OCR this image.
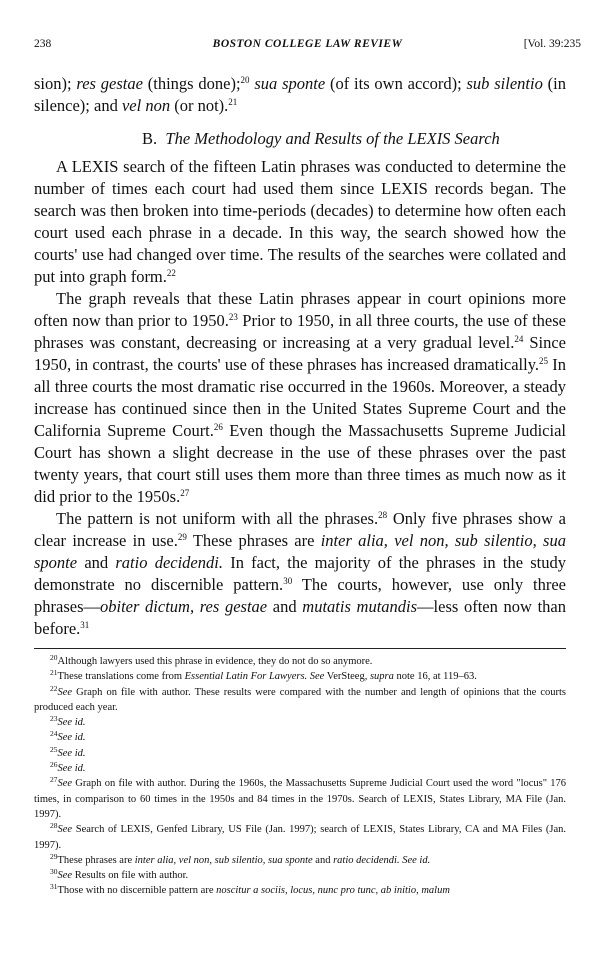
238	BOSTON COLLEGE LAW REVIEW	[Vol. 39:235

sion); res gestae (things done);$^{20}$ sua sponte (of its own accord); sub silentio (in silence); and vel non (or not).$^{21}$

B. The Methodology and Results of the LEXIS Search

A LEXIS search of the fifteen Latin phrases was conducted to determine the number of times each court had used them since LEXIS records began. The search was then broken into time-periods (decades) to determine how often each court used each phrase in a decade. In this way, the search showed how the courts' use had changed over time. The results of the searches were collated and put into graph form.$^{22}$

The graph reveals that these Latin phrases appear in court opinions more often now than prior to 1950.23 Prior to 1950, in all three courts, the use of these phrases was constant, decreasing or increasing at a very gradual level.$^{24}$ Since 1950, in contrast, the courts' use of these phrases has increased dramatically.$^{25}$ In all three courts the most dramatic rise occurred in the 1960s. Moreover, a steady increase has continued since then in the United States Supreme Court and the California Supreme Court.$^{26}$ Even though the Massachusetts Supreme Judicial Court has shown a slight decrease in the use of these phrases over the past twenty years, that court still uses them more than three times as much now as it did prior to the 1950s.$^{27}$

The pattern is not uniform with all the phrases.$^{28}$ Only five phrases show a clear increase in use.$^{29}$ These phrases are inter alia, vel non, sub silentio, sua sponte and ratio decidendi. In fact, the majority of the phrases in the study demonstrate no discernible pattern.$^{30}$ The courts, however, use only three phrases—obiter dictum, res gestae and mutatis mutandis—less often now than before.$^{31}$

$^{20}$Although lawyers used this phrase in evidence, they do not do so anymore.

$^{21}$These translations come from Essential Latin For Lawyers. See VerSteeg, supra note 16, at 119–63.

$^{22}$See Graph on file with author. These results were compared with the number and length of opinions that the courts produced each year.

$^{23}$See id.

$^{24}$See id.

$^{25}$See id.

$^{26}$See id.

$^{27}$See Graph on file with author. During the 1960s, the Massachusetts Supreme Judicial Court used the word "locus" 176 times, in comparison to 60 times in the 1950s and 84 times in the 1970s. Search of LEXIS, States Library, MA File (Jan. 1997).

$^{28}$See Search of LEXIS, Genfed Library, US File (Jan. 1997); search of LEXIS, States Library, CA and MA Files (Jan. 1997).

$^{29}$These phrases are inter alia, vel non, sub silentio, sua sponte and ratio decidendi. See id.

$^{30}$See Results on file with author.

$^{31}$Those with no discernible pattern are noscitur a sociis, locus, nunc pro tunc, ab initio, malum
